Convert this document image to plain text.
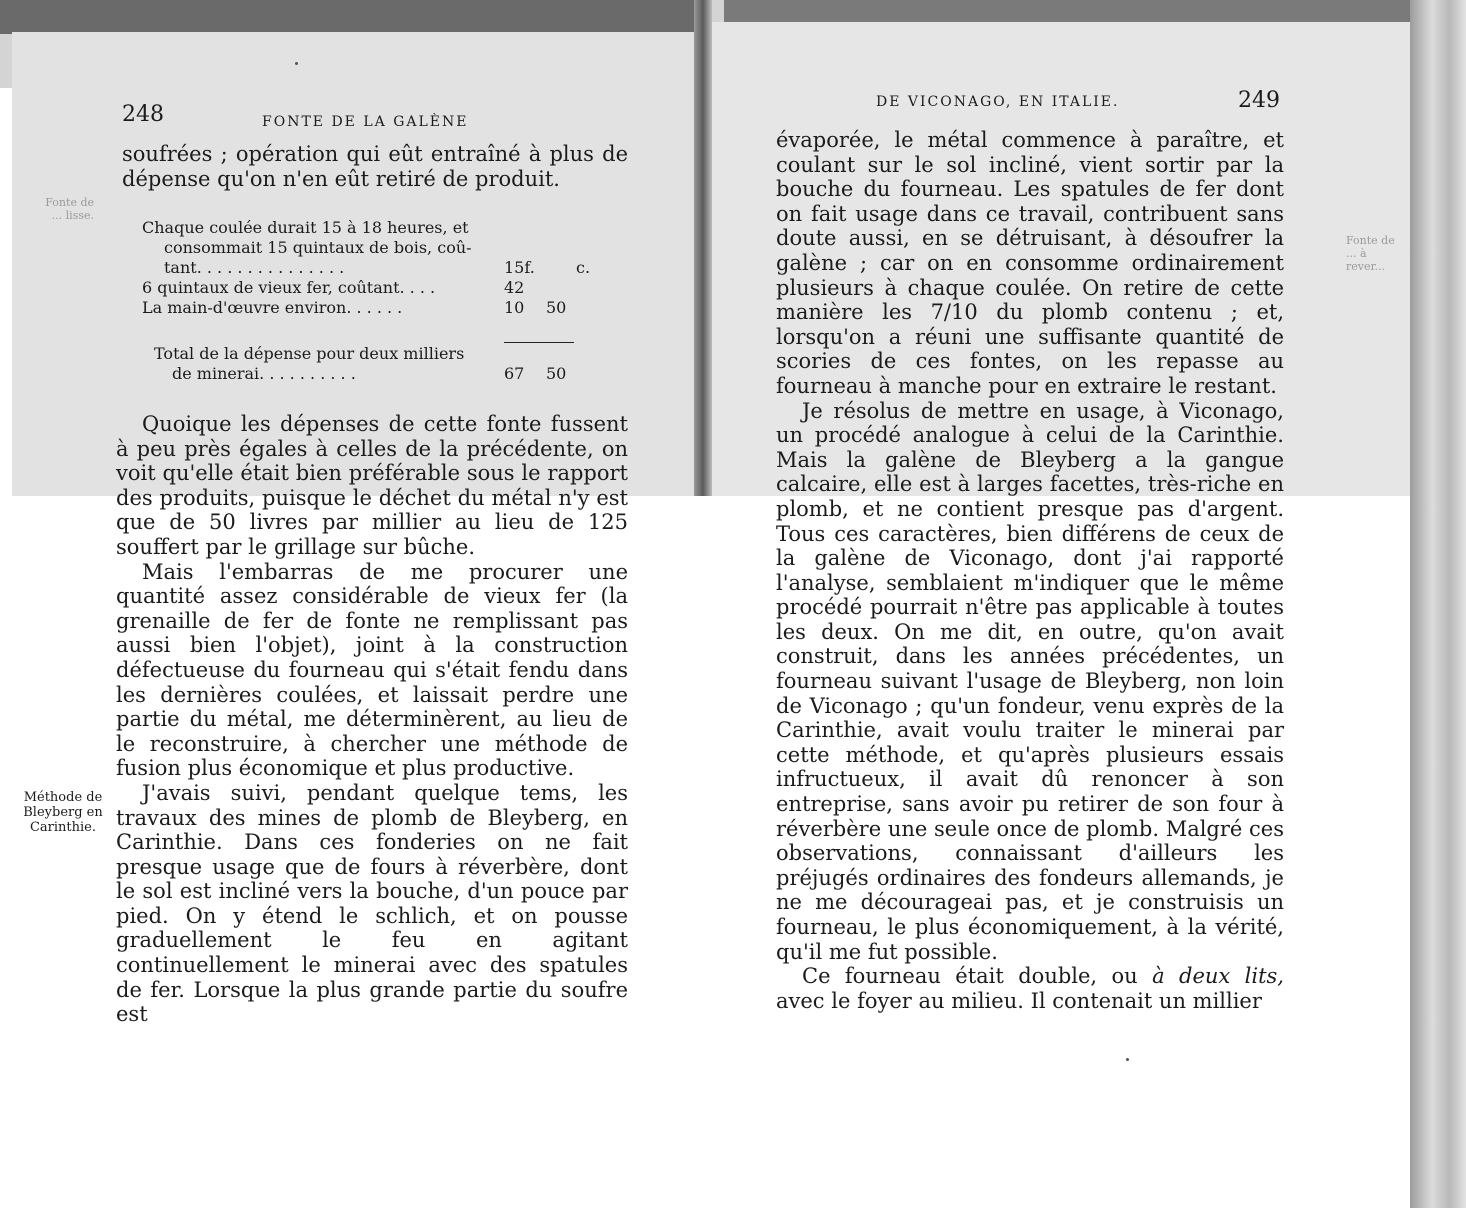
248	FONTE DE LA GALÈNE

soufrées ; opération qui eût entraîné à plus de dépense qu'on n'en eût retiré de produit.

Fonte de ... lisse.
Chaque coulée durait 15 à 18 heures, et
consommait 15 quintaux de bois, coû-
tant. . . . . . . . . . . . . . .	15f.	c.
6 quintaux de vieux fer, coûtant. . . .	42
La main-d'œuvre environ. . . . . .	10	50
Total de la dépense pour deux milliers
de minerai. . . . . . . . . .	67	50

Quoique les dépenses de cette fonte fussent à peu près égales à celles de la précédente, on voit qu'elle était bien préférable sous le rapport des produits, puisque le déchet du métal n'y est que de 50 livres par millier au lieu de 125 souffert par le grillage sur bûche.

Mais l'embarras de me procurer une quantité assez considérable de vieux fer (la grenaille de fer de fonte ne remplissant pas aussi bien l'objet), joint à la construction défectueuse du fourneau qui s'était fendu dans les dernières coulées, et laissait perdre une partie du métal, me déterminèrent, au lieu de le reconstruire, à chercher une méthode de fusion plus économique et plus productive.

J'avais suivi, pendant quelque tems, les travaux des mines de plomb de Bleyberg, en Carinthie. Dans ces fonderies on ne fait presque usage que de fours à réverbère, dont le sol est incliné vers la bouche, d'un pouce par pied. On y étend le schlich, et on pousse graduellement le feu en agitant continuellement le minerai avec des spatules de fer. Lorsque la plus grande partie du soufre est

Méthode de Bleyberg en Carinthie.
DE VICONAGO, EN ITALIE.	249
Fonte de ... à rever...

évaporée, le métal commence à paraître, et coulant sur le sol incliné, vient sortir par la bouche du fourneau. Les spatules de fer dont on fait usage dans ce travail, contribuent sans doute aussi, en se détruisant, à désoufrer la galène ; car on en consomme ordinairement plusieurs à chaque coulée. On retire de cette manière les 7/10 du plomb contenu ; et, lorsqu'on a réuni une suffisante quantité de scories de ces fontes, on les repasse au fourneau à manche pour en extraire le restant.

Je résolus de mettre en usage, à Viconago, un procédé analogue à celui de la Carinthie. Mais la galène de Bleyberg a la gangue calcaire, elle est à larges facettes, très-riche en plomb, et ne contient presque pas d'argent. Tous ces caractères, bien différens de ceux de la galène de Viconago, dont j'ai rapporté l'analyse, semblaient m'indiquer que le même procédé pourrait n'être pas applicable à toutes les deux. On me dit, en outre, qu'on avait construit, dans les années précédentes, un fourneau suivant l'usage de Bleyberg, non loin de Viconago ; qu'un fondeur, venu exprès de la Carinthie, avait voulu traiter le minerai par cette méthode, et qu'après plusieurs essais infructueux, il avait dû renoncer à son entreprise, sans avoir pu retirer de son four à réverbère une seule once de plomb. Malgré ces observations, connaissant d'ailleurs les préjugés ordinaires des fondeurs allemands, je ne me décourageai pas, et je construisis un fourneau, le plus économiquement, à la vérité, qu'il me fut possible.

Ce fourneau était double, ou à deux lits, avec le foyer au milieu. Il contenait un millier
